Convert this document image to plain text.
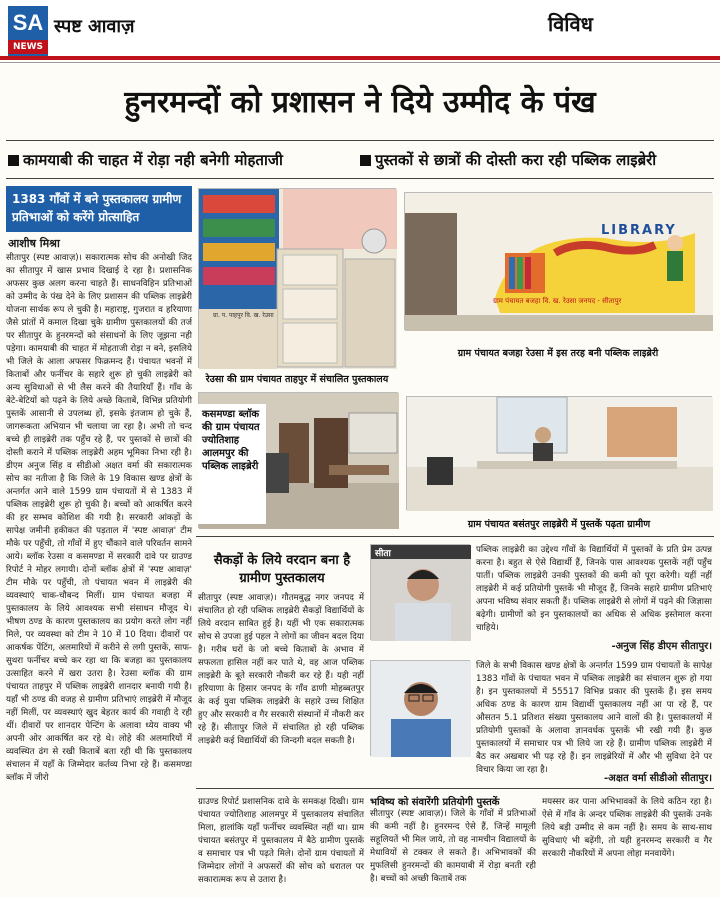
SA
NEWS
स्पष्ट आवाज़	विविध
हुनरमन्दों को प्रशासन ने दिये उम्मीद के पंख
कामयाबी की चाहत में रोड़ा नही बनेगी मोहताजी	पुस्तकों से छात्रों की दोस्ती करा रही पब्लिक लाइब्रेरी
1383 गाँवों में बने पुस्तकालय ग्रामीण प्रतिभाओं को करेंगे प्रोत्साहित
आशीष मिश्रा
सीतापुर (स्पष्ट आवाज़)। सकारात्मक सोच की अनोखी जिद का सीतापुर में खास प्रभाव दिखाई दे रहा है। प्रशासनिक अफसर कुछ अलग करना चाहते हैं। साधनविहिन प्रतिभाओं को उम्मीद के पंख देने के लिए प्रशासन की पब्लिक लाइब्रेरी योजना सार्थक रूप ले चुकी है। महाराष्ट्र, गुजरात व हरियाणा जैसे प्रांतों में कमाल दिखा चुके ग्रामीण पुस्तकालयों की तर्ज पर सीतापुर के हुनरमन्दों को संसाधनों के लिए जूझना नही पड़ेगा। कामयाबी की चाहत में मोहताजी रोड़ा न बने, इसलिये भी जिले के आला अफसर फिक्रमन्द हैं। पंचायत भवनों में किताबों और फर्नीचर के सहारे शुरू हो चुकी लाइब्रेरी को अन्य सुविधाओं से भी लैस करने की तैयारियाँ हैं। गाँव के बेटे-बेटियों को पढ़ने के लिये अच्छे किताबें, विभिन्न प्रतियोगी पुस्तकें आसानी से उपलब्ध हों, इसके इंतजाम हो चुके हैं, जागरूकता अभियान भी चलाया जा रहा है। अभी तो चन्द बच्चे ही लाइब्रेरी तक पहुँच रहे हैं, पर पुस्तकों से छात्रों की दोस्ती कराने में पब्लिक लाइब्रेरी अहम भूमिका निभा रही है। डीएम अनुज सिंह व सीडीओ अक्षत वर्मा की सकारात्मक सोच का नतीजा है कि जिले के 19 विकास खण्ड क्षेत्रों के अन्तर्गत आने वाले 1599 ग्राम पंचायतों में से 1383 में पब्लिक लाइब्रेरी शुरू हो चुकी है। बच्चों को आकर्षित करने की हर सम्भव कोशिश की गयी है। सरकारी आंकड़ों के सापेक्ष जमीनी हकीकत की पड़ताल में 'स्पष्ट आवाज़' टीम मौके पर पहुँची, तो गाँवों में हुए चौंकाने वाले परिवर्तन सामने आये। ब्लॉक रेउसा व कसमण्डा में सरकारी दावे पर ग्राउण्ड रिपोर्ट ने मोहर लगायी। दोनों ब्लॉक क्षेत्रों में 'स्पष्ट आवाज़' टीम मौके पर पहुँची, तो पंचायत भवन में लाइब्रेरी की व्यवस्थाएं चाक-चौबन्द मिलीं। ग्राम पंचायत बजहा में पुस्तकालय के लिये आवश्यक सभी संसाधन मौजूद थे। भीषण ठण्ड के कारण पुस्तकालय का प्रयोग करते लोग नहीं मिले, पर व्यवस्था को टीम ने 10 में 10 दिया। दीवारों पर आकर्षक पेंटिंग, अलमारियों में करीने से लगी पुस्तकें, साफ-सुथरा फर्नीचर बच्चे कर रहा था कि बजहा का पुस्तकालय उत्साहित करने में खरा उतरा है। रेउसा ब्लॉक की ग्राम पंचायत ताहपुर में पब्लिक लाइब्रेरी शानदार बनायी गयी है। यहाँ भी ठण्ड की वजह से ग्रामीण प्रतिभाएं लाइब्रेरी में मौजूद नहीं मिलीं, पर व्यवस्थाएं खुद बेहतर कार्य की गवाही दे रही थीं। दीवारों पर शानदार पेन्टिंग के अलावा ध्येय वाक्य भी अपनी ओर आकर्षित कर रहे थे। लोहे की अलमारियों में व्यवस्थित ढंग से रखी किताबें बता रही थी कि पुस्तकालय संचालन में यहाँ के जिम्मेदार कर्तव्य निभा रहे हैं। कसमण्डा ब्लॉक में जीरो
ग्रा. प. पाहपुर वि. ख. रेउसा
रेउसा की ग्राम पंचायत ताहपुर में संचालित पुस्तकालय
LIBRARY
ग्राम पंचायत बजहा वि. ख. रेउसा जनपद - सीतापुर
ग्राम पंचायत बजहा रेउसा में इस तरह बनी पब्लिक लाइब्रेरी
कसमण्डा ब्लॉक की ग्राम पंचायत ज्योतिशाह आलमपुर की पब्लिक लाइब्रेरी
ग्राम पंचायत बसंतपुर लाइब्रेरी में पुस्तकें पढ़ता ग्रामीण
सैकड़ों के लिये वरदान बना है ग्रामीण पुस्तकालय
सीतापुर (स्पष्ट आवाज़)। गौतमबुद्ध नगर जनपद में संचालित हो रही पब्लिक लाइब्रेरी सैकड़ों विद्यार्थियों के लिये वरदान साबित हुई है। यहीं भी एक सकारात्मक सोच से उपजा हुई पहल ने लोगों का जीवन बदल दिया है। गरीब घरों के जो बच्चे किताबों के अभाव में सफलता हासिल नहीं कर पाते थे, वह आज पब्लिक लाइब्रेरी के बूते सरकारी नौकरी कर रहे हैं। यही नहीं हरियाणा के हिसार जनपद के गाँव ढाणी मोहब्बतपुर के कई युवा पब्लिक लाइब्रेरी के सहारे उच्च शिक्षित हुए और सरकारी व गैर सरकारी संस्थानों में नौकरी कर रहे हैं। सीतापुर जिले में संचालित हो रही पब्लिक लाइब्रेरी कई विद्यार्थियों की जिन्दगी बदल सकती है।
सीता	पब्लिक लाइब्रेरी का उद्देश्य गाँवों के विद्यार्थियों में पुस्तकों के प्रति प्रेम उत्पन्न करना है। बहुत से ऐसे विद्यार्थी हैं, जिनके पास आवश्यक पुस्तकें नहीं पहुँच पातीं। पब्लिक लाइब्रेरी उनकी पुस्तकों की कमी को पूरा करेगी। यहीं नहीं लाइब्रेरी में कई प्रतियोगी पुस्तकें भी मौजूद हैं, जिनके सहारे ग्रामीण प्रतिभाएं अपना भविष्य संवार सकती हैं। पब्लिक लाइब्रेरी से लोगों में पढ़ने की जिज्ञासा बढ़ेगी। ग्रामीणों को इन पुस्तकालयों का अधिक से अधिक इस्तेमाल करना चाहिये।
-अनुज सिंह डीएम सीतापुर।
जिले के सभी विकास खण्ड क्षेत्रों के अन्तर्गत 1599 ग्राम पंचायतों के सापेक्ष 1383 गाँवों के पंचायत भवन में पब्लिक लाइब्रेरी का संचालन शुरू हो गया है। इन पुस्तकालयों में 55517 विभिन्न प्रकार की पुस्तकें हैं। इस समय अधिक ठण्ड के कारण ग्राम विद्यार्थी पुस्तकालय नहीं आ पा रहे हैं, पर औसतन 5.1 प्रतिशत संख्या पुस्तकालय आने वालों की है। पुस्तकालयों में प्रतियोगी पुस्तकों के अलावा ज्ञानवर्धक पुस्तकें भी रखी गयी हैं। कुछ पुस्तकालयों में समाचार पत्र भी लिये जा रहे हैं। ग्रामीण पब्लिक लाइब्रेरी में बैठ कर अखबार भी पढ़ रहे हैं। इन लाइब्रेरियों में और भी सुविधा देने पर विचार किया जा रहा है।
-अक्षत वर्मा सीडीओ सीतापुर।
ग्राउण्ड रिपोर्ट प्रशासनिक दावे के समकक्ष दिखी। ग्राम पंचायत ज्योतिशाह आलमपुर में पुस्तकालय संचालित मिला, हालांकि यहाँ फर्नीचर व्यवस्थित नहीं था। ग्राम पंचायत बसंतपुर में पुस्तकालय में बैठे ग्रामीण पुस्तकें व समाचार पत्र भी पढ़ते मिले। दोनों ग्राम पंचायतों में जिम्मेदार लोगों ने अफसरों की सोच को धरातल पर सकारात्मक रूप से उतारा है।
भविष्य को संवारेंगी प्रतियोगी पुस्तकें
सीतापुर (स्पष्ट आवाज़)। जिले के गाँवों में प्रतिभाओं की कमी नहीं है। हुनरमन्द ऐसे हैं, जिन्हें मामूली सहूलियतें भी मिल जाये, तो वह नामचीन विद्यालयों के मेधावियों से टक्कर ले सकते हैं। अभिभावकों की मुफलिसी हुनरमन्दों की कामयाबी में रोड़ा बनती रही है। बच्चों को अच्छी किताबें तक
मयस्सर कर पाना अभिभावकों के लिये कठिन रहा है। ऐसे में गाँव के अन्दर पब्लिक लाइब्रेरी की पुस्तकें उनके लिये बड़ी उम्मीद से कम नहीं है। समय के साथ-साथ सुविधाएं भी बढ़ेंगी, तो यही हुनरमन्द सरकारी व गैर सरकारी नौकरियों में अपना लोहा मनवायेंगे।
